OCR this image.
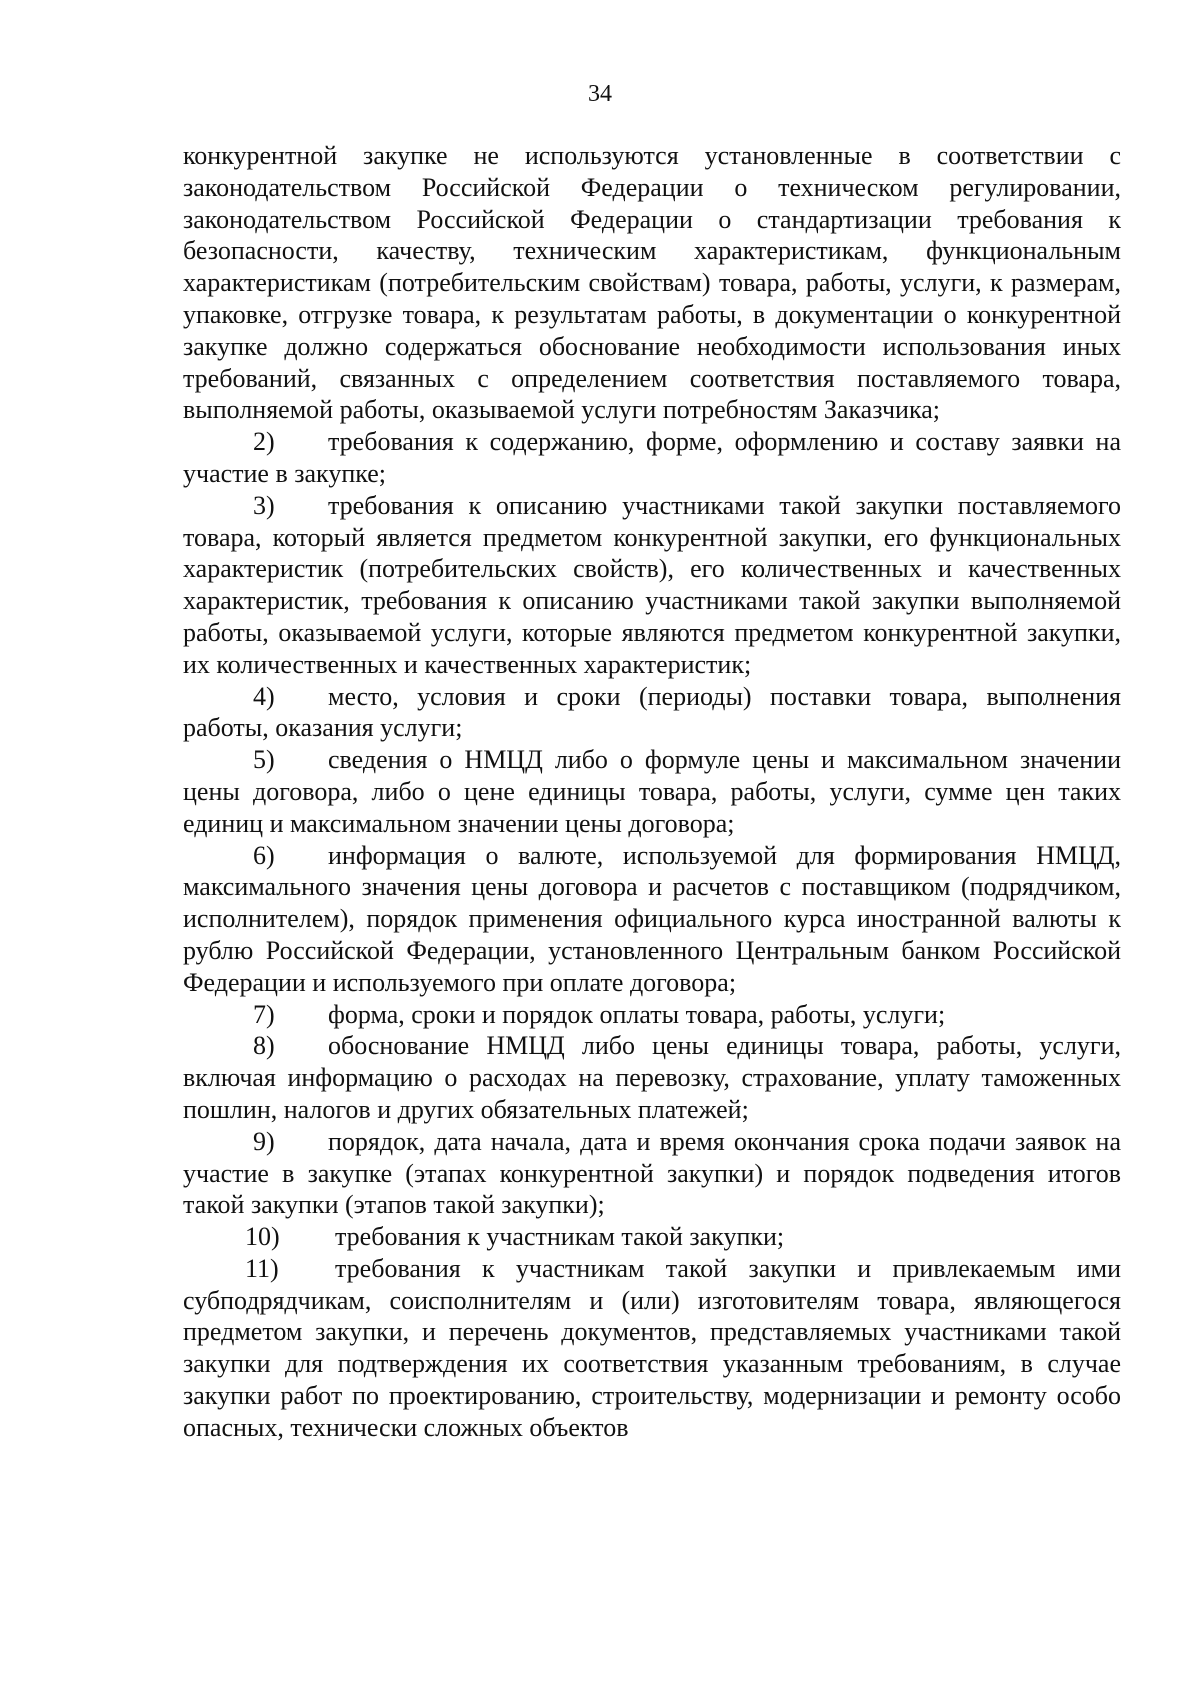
34

конкурентной закупке не используются установленные в соответствии с законодательством Российской Федерации о техническом регулировании, законодательством Российской Федерации о стандартизации требования к безопасности, качеству, техническим характеристикам, функциональным характеристикам (потребительским свойствам) товара, работы, услуги, к размерам, упаковке, отгрузке товара, к результатам работы, в документации о конкурентной закупке должно содержаться обоснование необходимости использования иных требований, связанных с определением соответствия поставляемого товара, выполняемой работы, оказываемой услуги потребностям Заказчика;

2) требования к содержанию, форме, оформлению и составу заявки на участие в закупке;

3) требования к описанию участниками такой закупки поставляемого товара, который является предметом конкурентной закупки, его функциональных характеристик (потребительских свойств), его количественных и качественных характеристик, требования к описанию участниками такой закупки выполняемой работы, оказываемой услуги, которые являются предметом конкурентной закупки, их количественных и качественных характеристик;

4) место, условия и сроки (периоды) поставки товара, выполнения работы, оказания услуги;

5) сведения о НМЦД либо о формуле цены и максимальном значении цены договора, либо о цене единицы товара, работы, услуги, сумме цен таких единиц и максимальном значении цены договора;

6) информация о валюте, используемой для формирования НМЦД, максимального значения цены договора и расчетов с поставщиком (подрядчиком, исполнителем), порядок применения официального курса иностранной валюты к рублю Российской Федерации, установленного Центральным банком Российской Федерации и используемого при оплате договора;

7) форма, сроки и порядок оплаты товара, работы, услуги;

8) обоснование НМЦД либо цены единицы товара, работы, услуги, включая информацию о расходах на перевозку, страхование, уплату таможенных пошлин, налогов и других обязательных платежей;

9) порядок, дата начала, дата и время окончания срока подачи заявок на участие в закупке (этапах конкурентной закупки) и порядок подведения итогов такой закупки (этапов такой закупки);

10) требования к участникам такой закупки;

11) требования к участникам такой закупки и привлекаемым ими субподрядчикам, соисполнителям и (или) изготовителям товара, являющегося предметом закупки, и перечень документов, представляемых участниками такой закупки для подтверждения их соответствия указанным требованиям, в случае закупки работ по проектированию, строительству, модернизации и ремонту особо опасных, технически сложных объектов
